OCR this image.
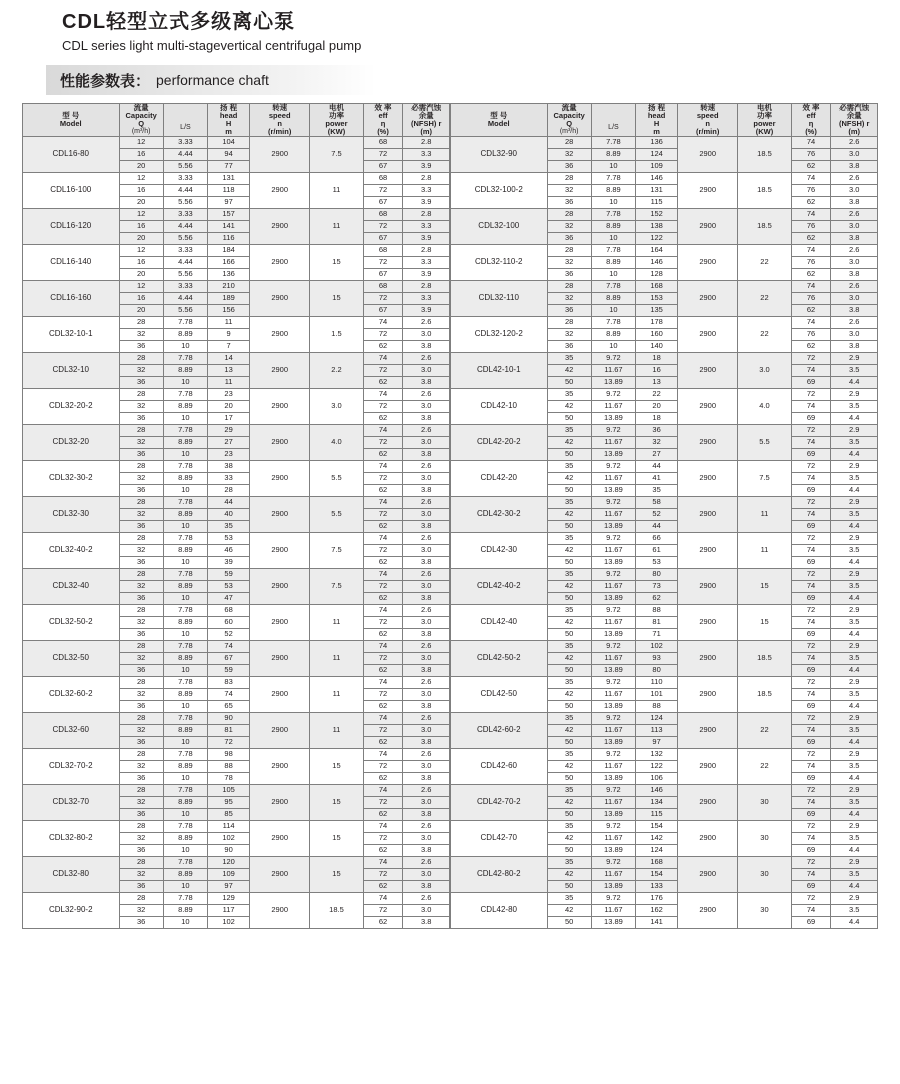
CDL轻型立式多级离心泵
CDL series light multi-stagevertical centrifugal pump
性能参数表： performance chaft
型 号
Model	流量Capacity
Q
(m³/h)	L/S	扬 程
head
H
m	转速
speed
n
(r/min)	电机
功率
power
(KW)	效 率
eff
η
(%)	必需汽蚀
余量
(NFSH) r
(m)

CDL16-80	12	3.33	104	2900	7.5	68	2.8
	16	4.44	94			72	3.3
	20	5.56	77			67	3.9
CDL16-100	12	3.33	131	2900	11	68	2.8
	16	4.44	118			72	3.3
	20	5.56	97			67	3.9
CDL16-120	12	3.33	157	2900	11	68	2.8
	16	4.44	141			72	3.3
	20	5.56	116			67	3.9
CDL16-140	12	3.33	184	2900	15	68	2.8
	16	4.44	166			72	3.3
	20	5.56	136			67	3.9
CDL16-160	12	3.33	210	2900	15	68	2.8
	16	4.44	189			72	3.3
	20	5.56	156			67	3.9
CDL32-10-1	28	7.78	11	2900	1.5	74	2.6
	32	8.89	9			72	3.0
	36	10	7			62	3.8
CDL32-10	28	7.78	14	2900	2.2	74	2.6
	32	8.89	13			72	3.0
	36	10	11			62	3.8
CDL32-20-2	28	7.78	23	2900	3.0	74	2.6
	32	8.89	20			72	3.0
	36	10	17			62	3.8
CDL32-20	28	7.78	29	2900	4.0	74	2.6
	32	8.89	27			72	3.0
	36	10	23			62	3.8
CDL32-30-2	28	7.78	38	2900	5.5	74	2.6
	32	8.89	33			72	3.0
	36	10	28			62	3.8
CDL32-30	28	7.78	44	2900	5.5	74	2.6
	32	8.89	40			72	3.0
	36	10	35			62	3.8
CDL32-40-2	28	7.78	53	2900	7.5	74	2.6
	32	8.89	46			72	3.0
	36	10	39			62	3.8
CDL32-40	28	7.78	59	2900	7.5	74	2.6
	32	8.89	53			72	3.0
	36	10	47			62	3.8
CDL32-50-2	28	7.78	68	2900	11	74	2.6
	32	8.89	60			72	3.0
	36	10	52			62	3.8
CDL32-50	28	7.78	74	2900	11	74	2.6
	32	8.89	67			72	3.0
	36	10	59			62	3.8
CDL32-60-2	28	7.78	83	2900	11	74	2.6
	32	8.89	74			72	3.0
	36	10	65			62	3.8
CDL32-60	28	7.78	90	2900	11	74	2.6
	32	8.89	81			72	3.0
	36	10	72			62	3.8
CDL32-70-2	28	7.78	98	2900	15	74	2.6
	32	8.89	88			72	3.0
	36	10	78			62	3.8
CDL32-70	28	7.78	105	2900	15	74	2.6
	32	8.89	95			72	3.0
	36	10	85			62	3.8
CDL32-80-2	28	7.78	114	2900	15	74	2.6
	32	8.89	102			72	3.0
	36	10	90			62	3.8
CDL32-80	28	7.78	120	2900	15	74	2.6
	32	8.89	109			72	3.0
	36	10	97			62	3.8
CDL32-90-2	28	7.78	129	2900	18.5	74	2.6
	32	8.89	117			72	3.0
	36	10	102			62	3.8
型 号
Model	流量Capacity
Q
(m³/h)	L/S	扬 程
head
H
m	转速
speed
n
(r/min)	电机
功率
power
(KW)	效 率
eff
η
(%)	必需汽蚀
余量
(NFSH) r
(m)

CDL32-90	28	7.78	136	2900	18.5	74	2.6
	32	8.89	124			76	3.0
	36	10	109			62	3.8
CDL32-100-2	28	7.78	146	2900	18.5	74	2.6
	32	8.89	131			76	3.0
	36	10	115			62	3.8
CDL32-100	28	7.78	152	2900	18.5	74	2.6
	32	8.89	138			76	3.0
	36	10	122			62	3.8
CDL32-110-2	28	7.78	164	2900	22	74	2.6
	32	8.89	146			76	3.0
	36	10	128			62	3.8
CDL32-110	28	7.78	168	2900	22	74	2.6
	32	8.89	153			76	3.0
	36	10	135			62	3.8
CDL32-120-2	28	7.78	178	2900	22	74	2.6
	32	8.89	160			76	3.0
	36	10	140			62	3.8
CDL42-10-1	35	9.72	18	2900	3.0	72	2.9
	42	11.67	16			74	3.5
	50	13.89	13			69	4.4
CDL42-10	35	9.72	22	2900	4.0	72	2.9
	42	11.67	20			74	3.5
	50	13.89	18			69	4.4
CDL42-20-2	35	9.72	36	2900	5.5	72	2.9
	42	11.67	32			74	3.5
	50	13.89	27			69	4.4
CDL42-20	35	9.72	44	2900	7.5	72	2.9
	42	11.67	41			74	3.5
	50	13.89	35			69	4.4
CDL42-30-2	35	9.72	58	2900	11	72	2.9
	42	11.67	52			74	3.5
	50	13.89	44			69	4.4
CDL42-30	35	9.72	66	2900	11	72	2.9
	42	11.67	61			74	3.5
	50	13.89	53			69	4.4
CDL42-40-2	35	9.72	80	2900	15	72	2.9
	42	11.67	73			74	3.5
	50	13.89	62			69	4.4
CDL42-40	35	9.72	88	2900	15	72	2.9
	42	11.67	81			74	3.5
	50	13.89	71			69	4.4
CDL42-50-2	35	9.72	102	2900	18.5	72	2.9
	42	11.67	93			74	3.5
	50	13.89	80			69	4.4
CDL42-50	35	9.72	110	2900	18.5	72	2.9
	42	11.67	101			74	3.5
	50	13.89	88			69	4.4
CDL42-60-2	35	9.72	124	2900	22	72	2.9
	42	11.67	113			74	3.5
	50	13.89	97			69	4.4
CDL42-60	35	9.72	132	2900	22	72	2.9
	42	11.67	122			74	3.5
	50	13.89	106			69	4.4
CDL42-70-2	35	9.72	146	2900	30	72	2.9
	42	11.67	134			74	3.5
	50	13.89	115			69	4.4
CDL42-70	35	9.72	154	2900	30	72	2.9
	42	11.67	142			74	3.5
	50	13.89	124			69	4.4
CDL42-80-2	35	9.72	168	2900	30	72	2.9
	42	11.67	154			74	3.5
	50	13.89	133			69	4.4
CDL42-80	35	9.72	176	2900	30	72	2.9
	42	11.67	162			74	3.5
	50	13.89	141			69	4.4
